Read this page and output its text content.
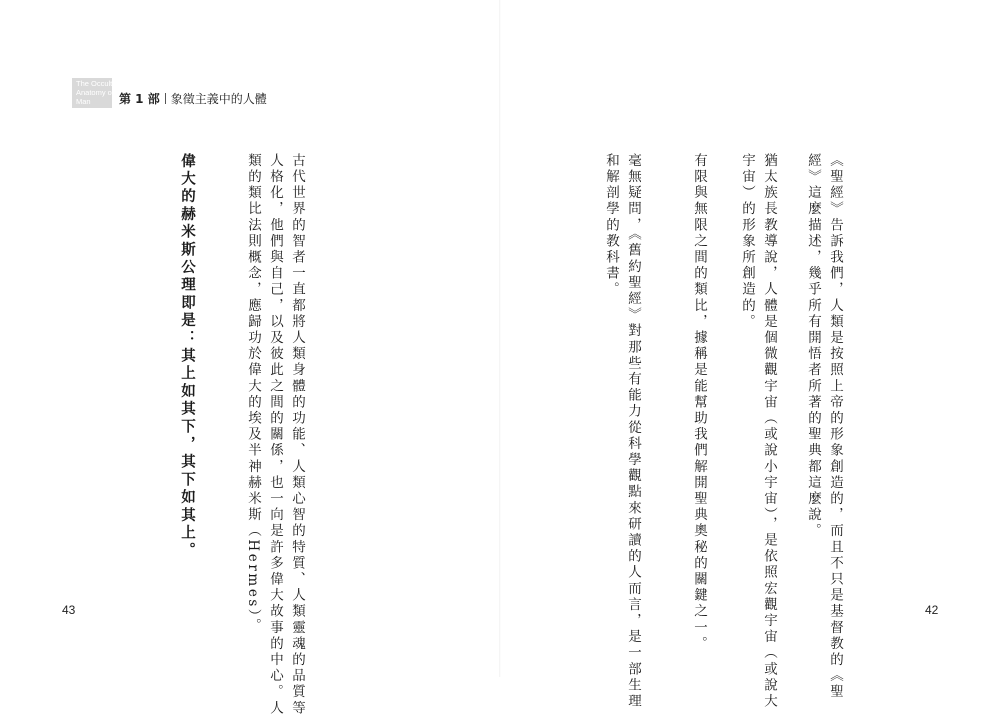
The Occult
Anatomy of
Man	第 1 部 象徵主義中的人體

古代世界的智者一直都將人類身體的功能、人類心智的特質、人類靈魂的品質等

人格化，他們與自己，以及彼此之間的關係，也一向是許多偉大故事的中心。人

類的類比法則概念，應歸功於偉大的埃及半神赫米斯（Hermes）。

偉大的赫米斯公理即是：其上如其下，其下如其上。

43	《聖經》告訴我們，人類是按照上帝的形象創造的，而且不只是基督教的《聖

經》這麼描述，幾乎所有開悟者所著的聖典都這麼說。

猶太族長教導說，人體是個微觀宇宙（或說小宇宙），是依照宏觀宇宙（或說大

宇宙）的形象所創造的。

有限與無限之間的類比，據稱是能幫助我們解開聖典奧秘的關鍵之一。

毫無疑問，《舊約聖經》對那些有能力從科學觀點來研讀的人而言，是一部生理

和解剖學的教科書。

42
